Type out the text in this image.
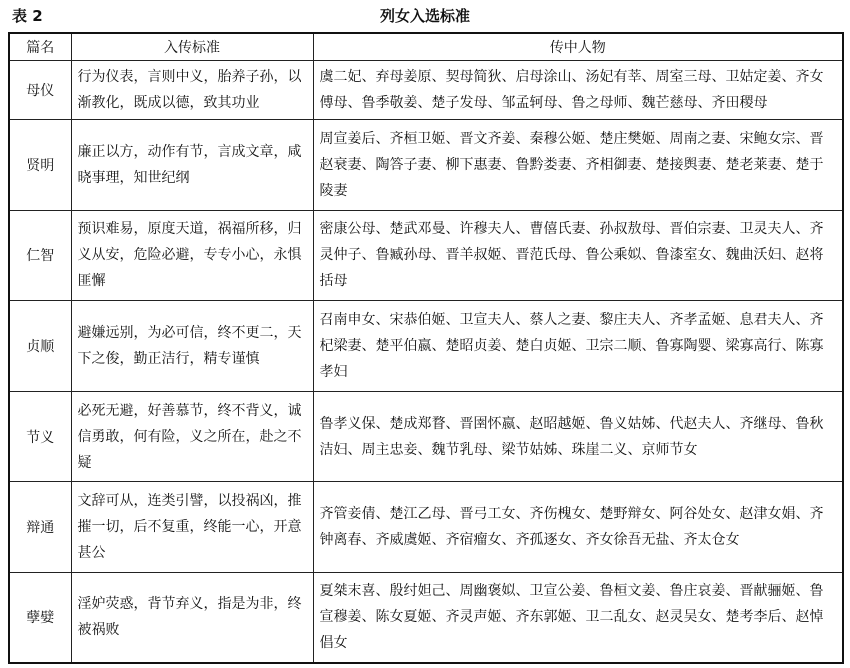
表 2	列女入选标准
篇名	入传标准	传中人物
母仪	行为仪表，言则中义，胎养子孙，以渐教化，既成以德，致其功业	虞二妃、弃母姜原、契母简狄、启母涂山、汤妃有莘、周室三母、卫姑定姜、齐女傅母、鲁季敬姜、楚子发母、邹孟轲母、鲁之母师、魏芒慈母、齐田稷母
贤明	廉正以方，动作有节，言成文章，咸晓事理，知世纪纲	周宣姜后、齐桓卫姬、晋文齐姜、秦穆公姬、楚庄樊姬、周南之妻、宋鲍女宗、晋赵衰妻、陶答子妻、柳下惠妻、鲁黔娄妻、齐相御妻、楚接舆妻、楚老莱妻、楚于陵妻
仁智	预识难易，原度天道，祸福所移，归义从安，危险必避，专专小心，永惧匪懈	密康公母、楚武邓曼、许穆夫人、曹僖氏妻、孙叔敖母、晋伯宗妻、卫灵夫人、齐灵仲子、鲁臧孙母、晋羊叔姬、晋范氏母、鲁公乘姒、鲁漆室女、魏曲沃妇、赵将括母
贞顺	避嫌远别，为必可信，终不更二，天下之俊，勤正洁行，精专谨慎	召南申女、宋恭伯姬、卫宣夫人、蔡人之妻、黎庄夫人、齐孝孟姬、息君夫人、齐杞梁妻、楚平伯嬴、楚昭贞姜、楚白贞姬、卫宗二顺、鲁寡陶婴、梁寡高行、陈寡孝妇
节义	必死无避，好善慕节，终不背义，诚信勇敢，何有险，义之所在，赴之不疑	鲁孝义保、楚成郑瞀、晋圉怀嬴、赵昭越姬、鲁义姑姊、代赵夫人、齐继母、鲁秋洁妇、周主忠妾、魏节乳母、梁节姑姊、珠崖二义、京师节女
辩通	文辞可从，连类引譬，以投祸凶，推摧一切，后不复重，终能一心，开意甚公	齐管妾倩、楚江乙母、晋弓工女、齐伤槐女、楚野辩女、阿谷处女、赵津女娟、齐钟离春、齐威虞姬、齐宿瘤女、齐孤逐女、齐女徐吾无盐、齐太仓女
孽嬖	淫妒荧惑，背节弃义，指是为非，终被祸败	夏桀末喜、殷纣妲己、周幽褒姒、卫宣公姜、鲁桓文姜、鲁庄哀姜、晋献骊姬、鲁宣穆姜、陈女夏姬、齐灵声姬、齐东郭姬、卫二乱女、赵灵吴女、楚考李后、赵悼倡女
